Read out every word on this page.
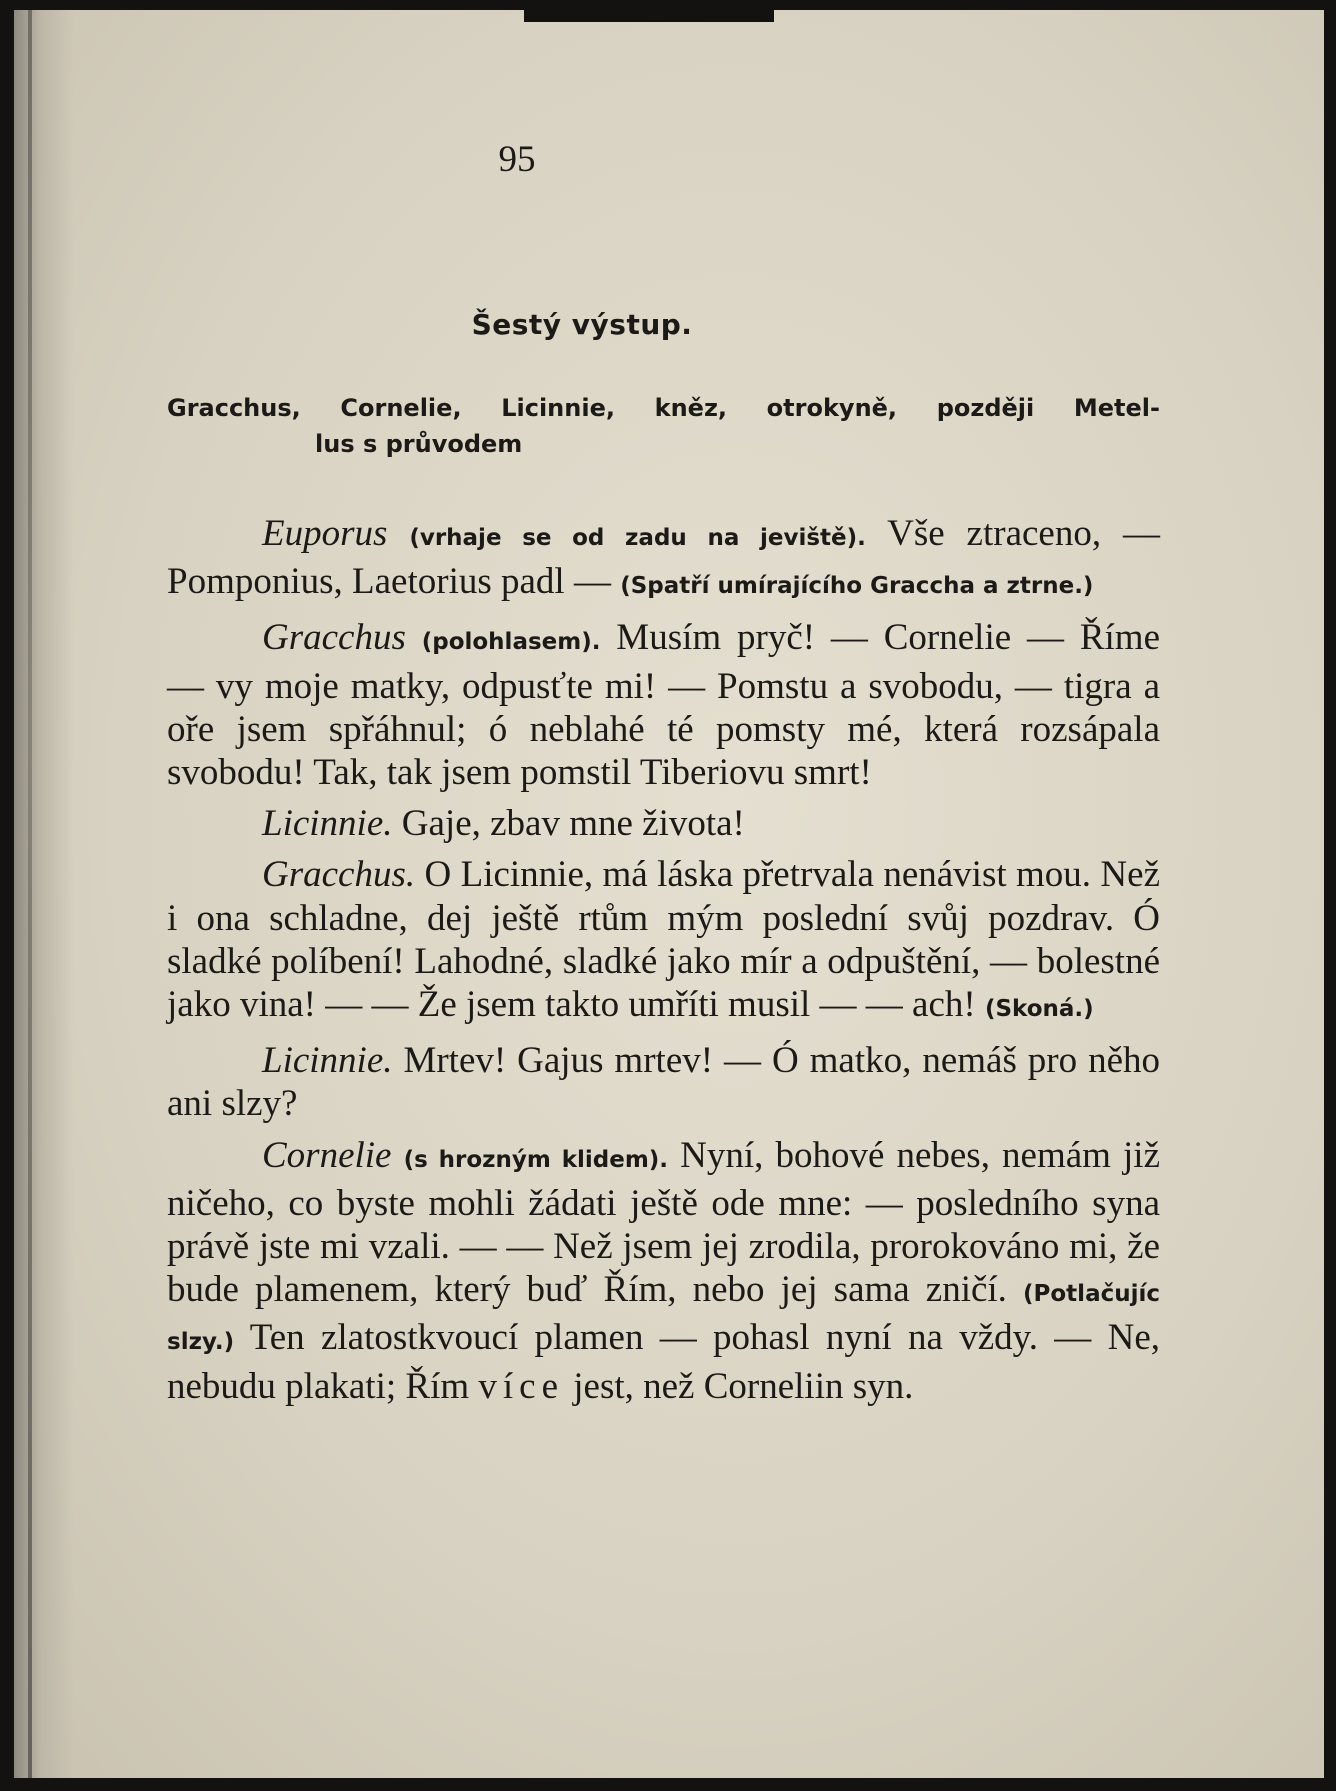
95
Šestý výstup.
Gracchus, Cornelie, Licinnie, kněz, otrokyně, později Metel-
lus s průvodem

Euporus (vrhaje se od zadu na jeviště). Vše ztraceno, — Pomponius, Laetorius padl — (Spatří umírajícího Graccha a ztrne.)

Gracchus (polohlasem). Musím pryč! — Cornelie — Říme — vy moje matky, odpusťte mi! — Pomstu a svobodu, — tigra a oře jsem spřáhnul; ó neblahé té pomsty mé, která rozsápala svobodu! Tak, tak jsem pomstil Tiberiovu smrt!

Licinnie. Gaje, zbav mne života!

Gracchus. O Licinnie, má láska přetrvala nenávist mou. Než i ona schladne, dej ještě rtům mým poslední svůj pozdrav. Ó sladké políbení! Lahodné, sladké jako mír a odpuštění, — bolestné jako vina! — — Že jsem takto umříti musil — — ach! (Skoná.)

Licinnie. Mrtev! Gajus mrtev! — Ó matko, nemáš pro něho ani slzy?

Cornelie (s hrozným klidem). Nyní, bohové nebes, nemám již ničeho, co byste mohli žádati ještě ode mne: — posledního syna právě jste mi vzali. — — Než jsem jej zrodila, prorokováno mi, že bude plamenem, který buď Řím, nebo jej sama zničí. (Potlačujíc slzy.) Ten zlatostkvoucí plamen — pohasl nyní na vždy. — Ne, nebudu plakati; Řím více jest, než Corneliin syn.
